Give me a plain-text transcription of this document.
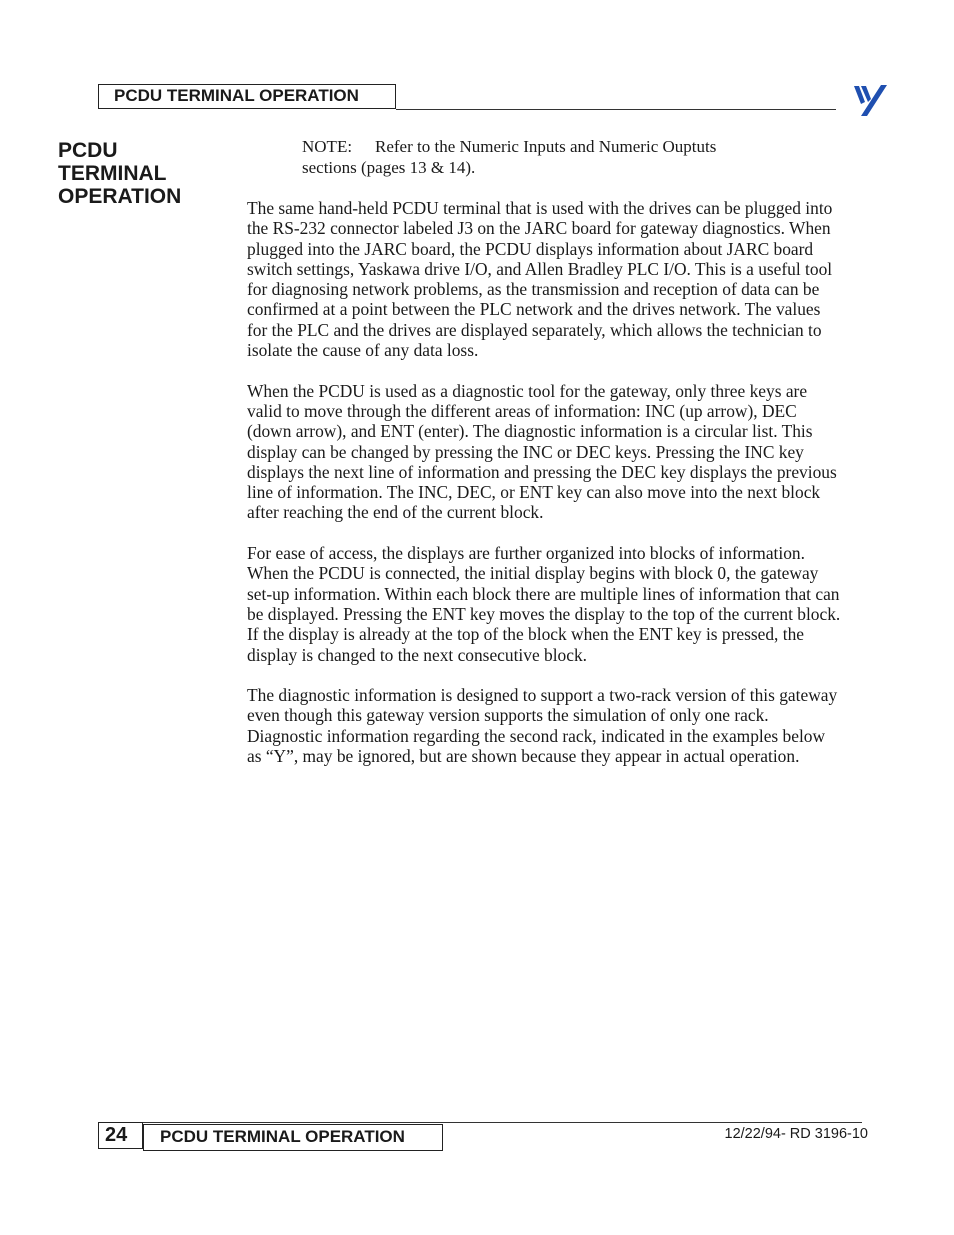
PCDU TERMINAL OPERATION
PCDU
TERMINAL
OPERATION
NOTE: Refer to the Numeric Inputs and Numeric Ouptuts
sections (pages 13 & 14).

The same hand-held PCDU terminal that is used with the drives can be plugged into the RS-232 connector labeled J3 on the JARC board for gateway diagnostics. When plugged into the JARC board, the PCDU displays information about JARC board switch settings, Yaskawa drive I/O, and Allen Bradley PLC I/O. This is a useful tool for diagnosing network problems, as the transmission and reception of data can be confirmed at a point between the PLC network and the drives network. The values for the PLC and the drives are displayed separately, which allows the technician to isolate the cause of any data loss.

When the PCDU is used as a diagnostic tool for the gateway, only three keys are valid to move through the different areas of information: INC (up arrow), DEC (down arrow), and ENT (enter). The diagnostic information is a circular list. This display can be changed by pressing the INC or DEC keys. Pressing the INC key displays the next line of information and pressing the DEC key displays the previous line of information. The INC, DEC, or ENT key can also move into the next block after reaching the end of the current block.

For ease of access, the displays are further organized into blocks of information. When the PCDU is connected, the initial display begins with block 0, the gateway set-up information. Within each block there are multiple lines of information that can be displayed. Pressing the ENT key moves the display to the top of the current block. If the display is already at the top of the block when the ENT key is pressed, the display is changed to the next consecutive block.

The diagnostic information is designed to support a two-rack version of this gateway even though this gateway version supports the simulation of only one rack. Diagnostic information regarding the second rack, indicated in the examples below as “Y”, may be ignored, but are shown because they appear in actual operation.

24	PCDU TERMINAL OPERATION	12/22/94- RD 3196-10
